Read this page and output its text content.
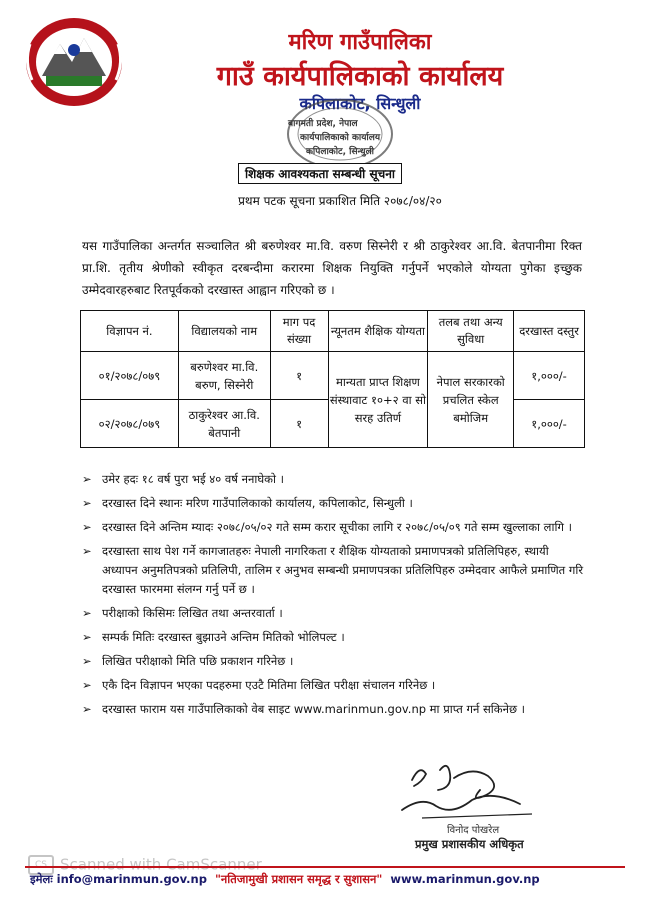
मरिण गाउँपालिका
गाउँ कार्यपालिकाको कार्यालय
कपिलाकोट, सिन्धुली
बागमती प्रदेश, नेपाल
कार्यपालिकाको कार्यालय
कपिलाकोट, सिन्धुली
शिक्षक आवश्यकता सम्बन्धी सूचना
प्रथम पटक सूचना प्रकाशित मिति २०७८/०४/२०
यस गाउँपालिका अन्तर्गत सञ्चालित श्री बरुणेश्वर मा.वि. वरुण सिस्नेरी र श्री ठाकुरेश्वर आ.वि. बेतपानीमा रिक्त प्रा.शि. तृतीय श्रेणीको स्वीकृत दरबन्दीमा करारमा शिक्षक नियुक्ति गर्नुपर्ने भएकोले योग्यता पुगेका इच्छुक उम्मेदवारहरुबाट रितपूर्वकको दरखास्त आह्वान गरिएको छ ।
विज्ञापन नं.	विद्यालयको नाम	माग पद संख्या	न्यूनतम शैक्षिक योग्यता	तलब तथा अन्य सुविधा	दरखास्त दस्तुर
०१/२०७८/०७९	बरुणेश्वर मा.वि. बरुण, सिस्नेरी	१	मान्यता प्राप्त शिक्षण संस्थावाट १०+२ वा सो सरह उतिर्ण	नेपाल सरकारको प्रचलित स्केल बमोजिम	१,०००/-
०२/२०७८/०७९	ठाकुरेश्वर आ.वि. बेतपानी	१			१,०००/-
➢ उमेर हदः १८ वर्ष पुरा भई ४० वर्ष ननाघेको ।
➢ दरखास्त दिने स्थानः मरिण गाउँपालिकाको कार्यालय, कपिलाकोट, सिन्धुली ।
➢ दरखास्त दिने अन्तिम म्यादः २०७८/०५/०२ गते सम्म करार सूचीका लागि र २०७८/०५/०९ गते सम्म खुल्लाका लागि ।
➢ दरखास्ता साथ पेश गर्ने कागजातहरुः नेपाली नागरिकता र शैक्षिक योग्यताको प्रमाणपत्रको प्रतिलिपिहरु, स्थायी अध्यापन अनुमतिपत्रको प्रतिलिपी, तालिम र अनुभव सम्बन्धी प्रमाणपत्रका प्रतिलिपिहरु उम्मेदवार आफैले प्रमाणित गरि दरखास्त फारममा संलग्न गर्नु पर्ने छ ।
➢ परीक्षाको किसिमः लिखित तथा अन्तरवार्ता ।
➢ सम्पर्क मितिः दरखास्त बुझाउने अन्तिम मितिको भोलिपल्ट ।
➢ लिखित परीक्षाको मिति पछि प्रकाशन गरिनेछ ।
➢ एकै दिन विज्ञापन भएका पदहरुमा एउटै मितिमा लिखित परीक्षा संचालन गरिनेछ ।
➢ दरखास्त फाराम यस गाउँपालिकाको वेब साइट www.marinmun.gov.np मा प्राप्त गर्न सकिनेछ ।
विनोद पोखरेल
प्रमुख प्रशासकीय अधिकृत
CS Scanned with CamScanner
इमेलः info@marinmun.gov.np "नतिजामुखी प्रशासन समृद्ध र सुशासन" www.marinmun.gov.np
